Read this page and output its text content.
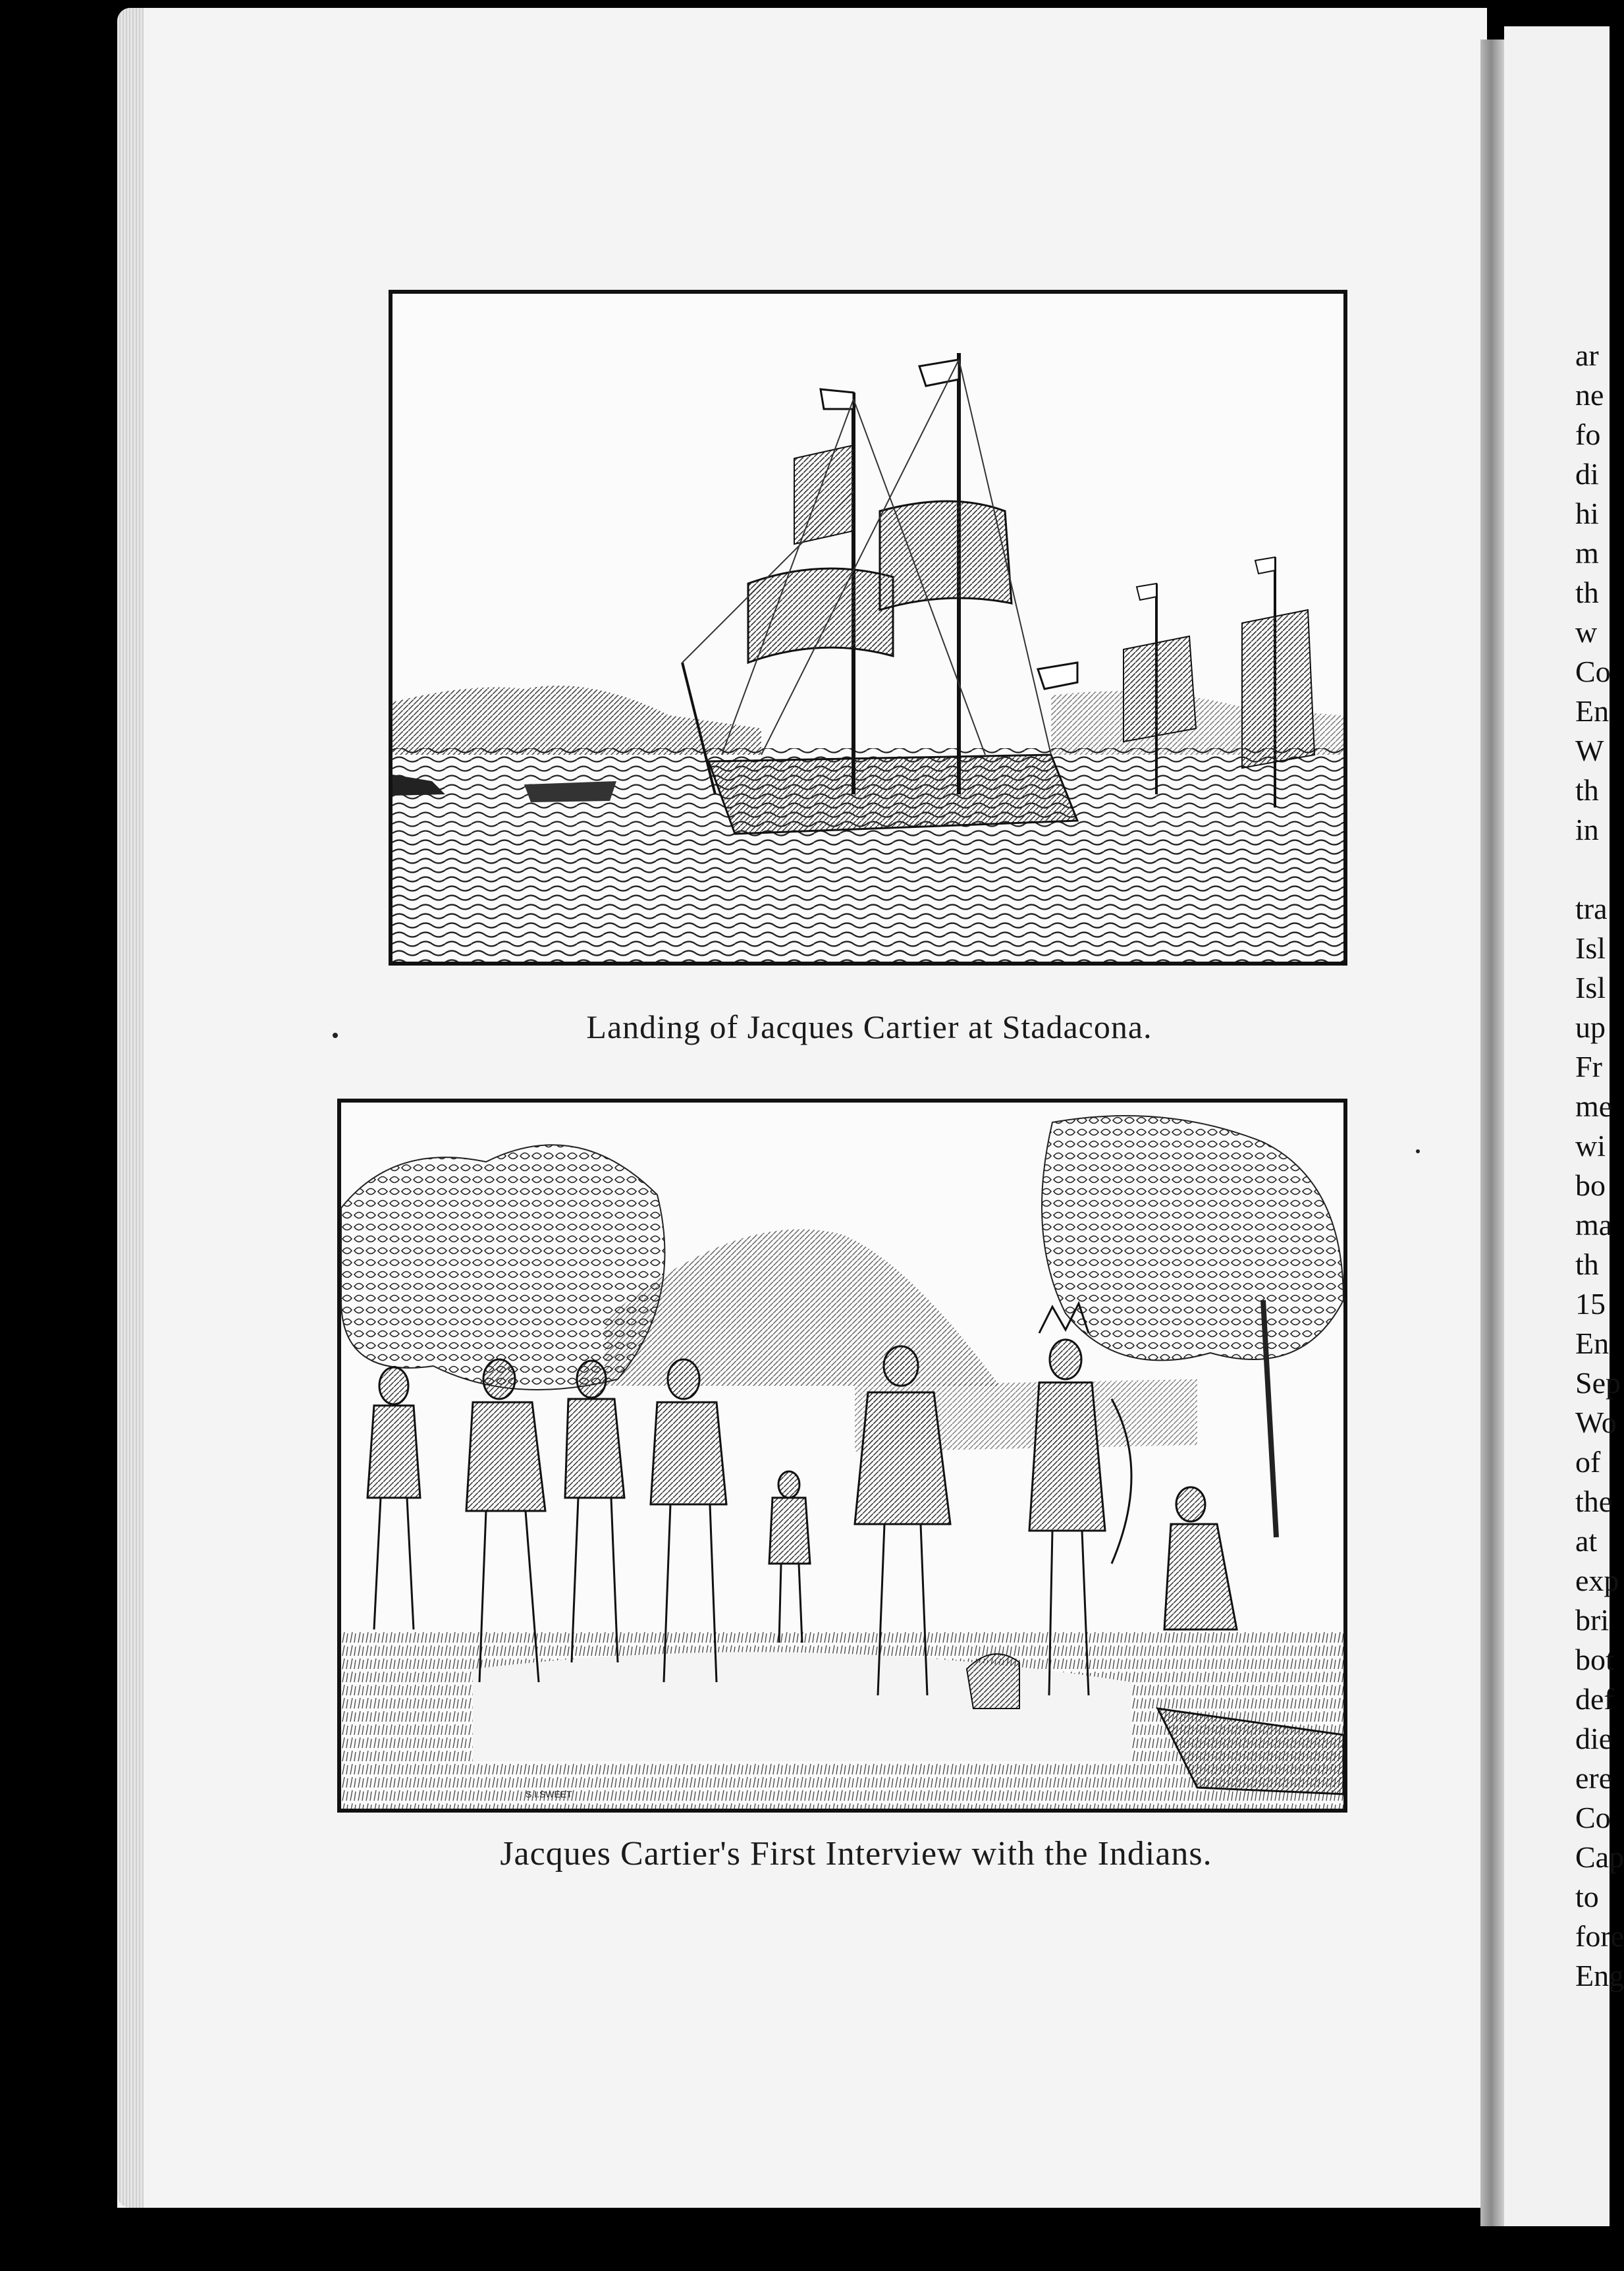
Landing of Jacques Cartier at Stadacona.
S.I.SWEET
Jacques Cartier's First Interview with the Indians.
ar
ne
fo
di
hi
m
th
w
Co
En
W
th
in
tra
Isl
Isl
up
Fr
me
wi
bo
ma
th
15
En
Sep
Wo
of
the
at
exp
bri
bot
def
die
ere
Co
Cap
to
fore
Eng
